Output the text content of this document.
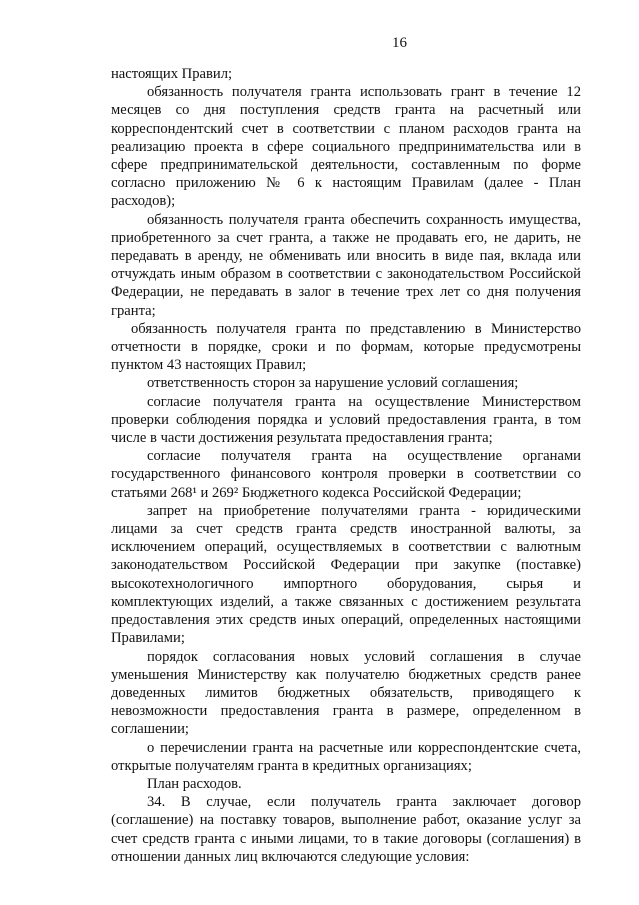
16

настоящих Правил;

обязанность получателя гранта использовать грант в течение 12 месяцев со дня поступления средств гранта на расчетный или корреспондентский счет в соответствии с планом расходов гранта на реализацию проекта в сфере социального предпринимательства или в сфере предпринимательской деятельности, составленным по форме согласно приложению № 6 к настоящим Правилам (далее - План расходов);

обязанность получателя гранта обеспечить сохранность имущества, приобретенного за счет гранта, а также не продавать его, не дарить, не передавать в аренду, не обменивать или вносить в виде пая, вклада или отчуждать иным образом в соответствии с законодательством Российской Федерации, не передавать в залог в течение трех лет со дня получения гранта;

обязанность получателя гранта по представлению в Министерство отчетности в порядке, сроки и по формам, которые предусмотрены пунктом 43 настоящих Правил;

ответственность сторон за нарушение условий соглашения;

согласие получателя гранта на осуществление Министерством проверки соблюдения порядка и условий предоставления гранта, в том числе в части достижения результата предоставления гранта;

согласие получателя гранта на осуществление органами государственного финансового контроля проверки в соответствии со статьями 268¹ и 269² Бюджетного кодекса Российской Федерации;

запрет на приобретение получателями гранта - юридическими лицами за счет средств гранта средств иностранной валюты, за исключением операций, осуществляемых в соответствии с валютным законодательством Российской Федерации при закупке (поставке) высокотехнологичного импортного оборудования, сырья и комплектующих изделий, а также связанных с достижением результата предоставления этих средств иных операций, определенных настоящими Правилами;

порядок согласования новых условий соглашения в случае уменьшения Министерству как получателю бюджетных средств ранее доведенных лимитов бюджетных обязательств, приводящего к невозможности предоставления гранта в размере, определенном в соглашении;

о перечислении гранта на расчетные или корреспондентские счета, открытые получателям гранта в кредитных организациях;

План расходов.

34. В случае, если получатель гранта заключает договор (соглашение) на поставку товаров, выполнение работ, оказание услуг за счет средств гранта с иными лицами, то в такие договоры (соглашения) в отношении данных лиц включаются следующие условия:
